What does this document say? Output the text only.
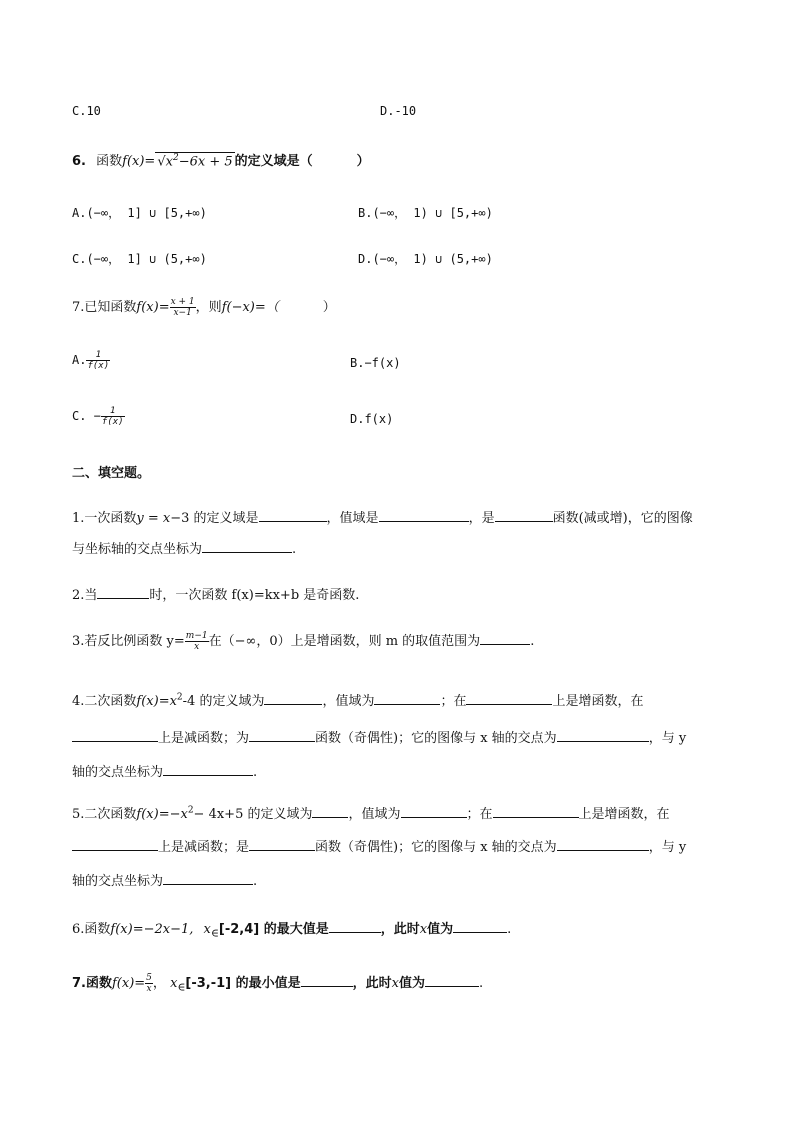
C.10	D.-10
6. 函数$f(x)= √x^2-6x + 5$ 的定义域是（	）
A.(−∞， 1] ∪ [5,+∞)	B.(−∞， 1) ∪ [5,+∞)
C.(−∞， 1] ∪ (5,+∞)	D.(−∞， 1) ∪ (5,+∞)
7.已知函数$f(x)= \frac{x + 1}{x-1}$ ，则f(−x)=（	）
A. $\frac{1}{f(x)}$	B.−f(x)
C. − $\frac{1}{f(x)}$	D.f(x)
二、填空题。
1.一次函数y = x−3 的定义域是	，值域是	，是	函数(减或增)，它的图像
与坐标轴的交点坐标为	.
2.当	时，一次函数 f(x)=kx+b 是奇函数.
3.若反比例函数 $y= \frac{m-1}{x}$ 在（−∞，0）上是增函数，则 m 的取值范围为	.
4.二次函数$f(x)=x^2-4$ 的定义域为	，值域为	；在	上是增函数，在
上是减函数；为	函数（奇偶性)；它的图像与 x 轴的交点为	，与 y
轴的交点坐标为	.
5.二次函数$f(x)=-x^2- 4x+5$ 的定义域为	，值域为	；在	上是增函数，在
上是减函数；是	函数（奇偶性)；它的图像与 x 轴的交点为	，与 y
轴的交点坐标为	.
6.函数f(x)=−2x−1, $x_\in[-2,4]$ 的最大值是	，此时x值为	.
7.函数$f(x)= \frac{5}{x}$ ， $x_\in[-3,-1]$ 的最小值是	，此时x值为	.
